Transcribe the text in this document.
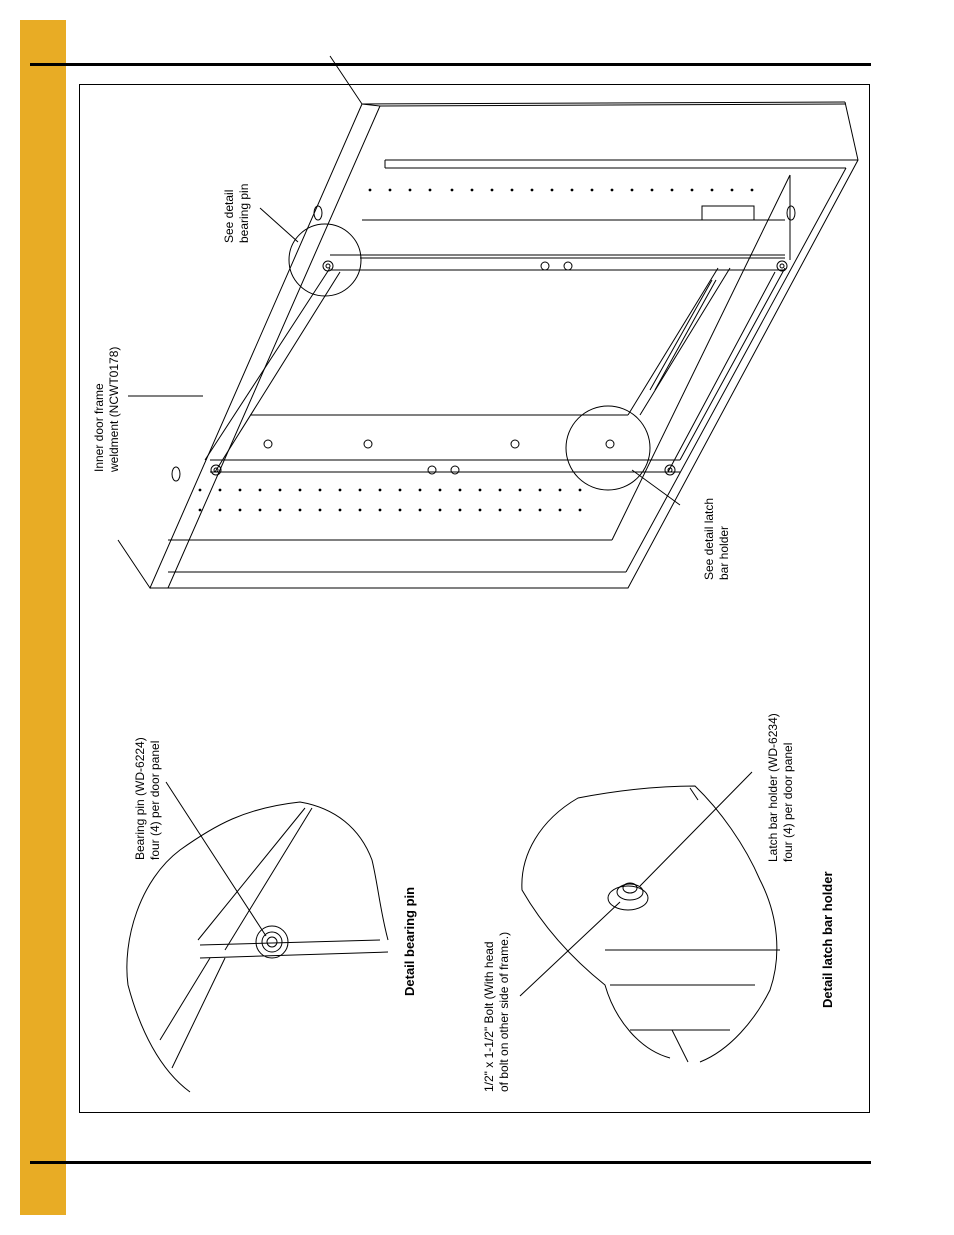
Inner door frame weldment (NCWT0178)
See detail bearing pin
See detail latch bar holder
Bearing pin (WD-6224) four (4) per door panel
Detail bearing pin	1/2" x 1-1/2" Bolt (With head of bolt on other side of frame.)
Latch bar holder (WD-6234) four (4) per door panel
Detail latch bar holder
